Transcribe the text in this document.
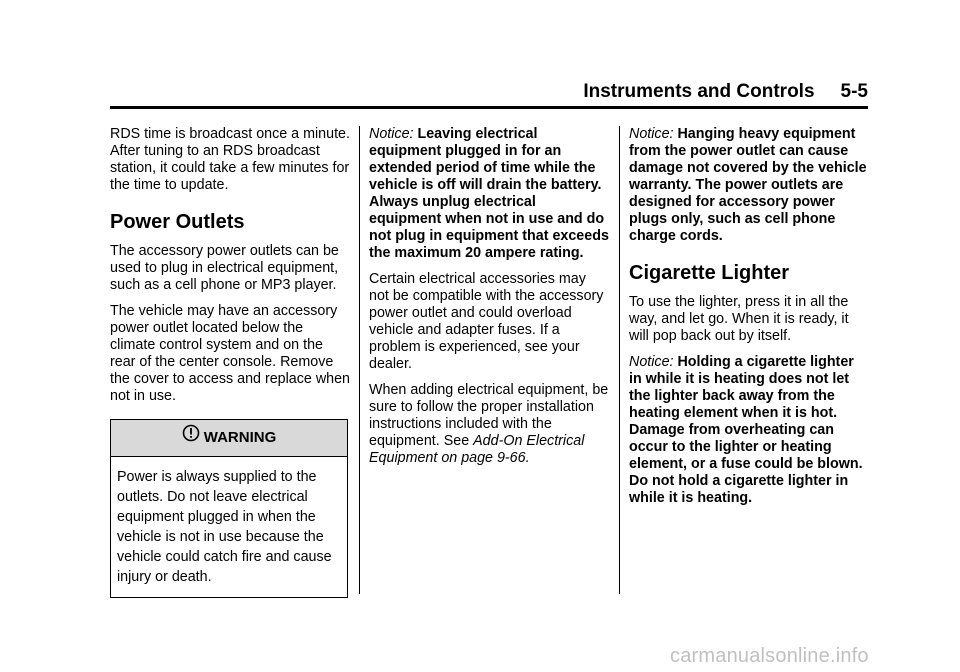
Instruments and Controls 5-5

RDS time is broadcast once a minute. After tuning to an RDS broadcast station, it could take a few minutes for the time to update.

Power Outlets

The accessory power outlets can be used to plug in electrical equipment, such as a cell phone or MP3 player.

The vehicle may have an accessory power outlet located below the climate control system and on the rear of the center console. Remove the cover to access and replace when not in use.

WARNING
Power is always supplied to the outlets. Do not leave electrical equipment plugged in when the vehicle is not in use because the vehicle could catch fire and cause injury or death.

Notice: Leaving electrical equipment plugged in for an extended period of time while the vehicle is off will drain the battery. Always unplug electrical equipment when not in use and do not plug in equipment that exceeds the maximum 20 ampere rating.

Certain electrical accessories may not be compatible with the accessory power outlet and could overload vehicle and adapter fuses. If a problem is experienced, see your dealer.

When adding electrical equipment, be sure to follow the proper installation instructions included with the equipment. See Add-On Electrical Equipment on page 9-66.

Notice: Hanging heavy equipment from the power outlet can cause damage not covered by the vehicle warranty. The power outlets are designed for accessory power plugs only, such as cell phone charge cords.

Cigarette Lighter

To use the lighter, press it in all the way, and let go. When it is ready, it will pop back out by itself.

Notice: Holding a cigarette lighter in while it is heating does not let the lighter back away from the heating element when it is hot. Damage from overheating can occur to the lighter or heating element, or a fuse could be blown. Do not hold a cigarette lighter in while it is heating.

carmanualsonline.info
